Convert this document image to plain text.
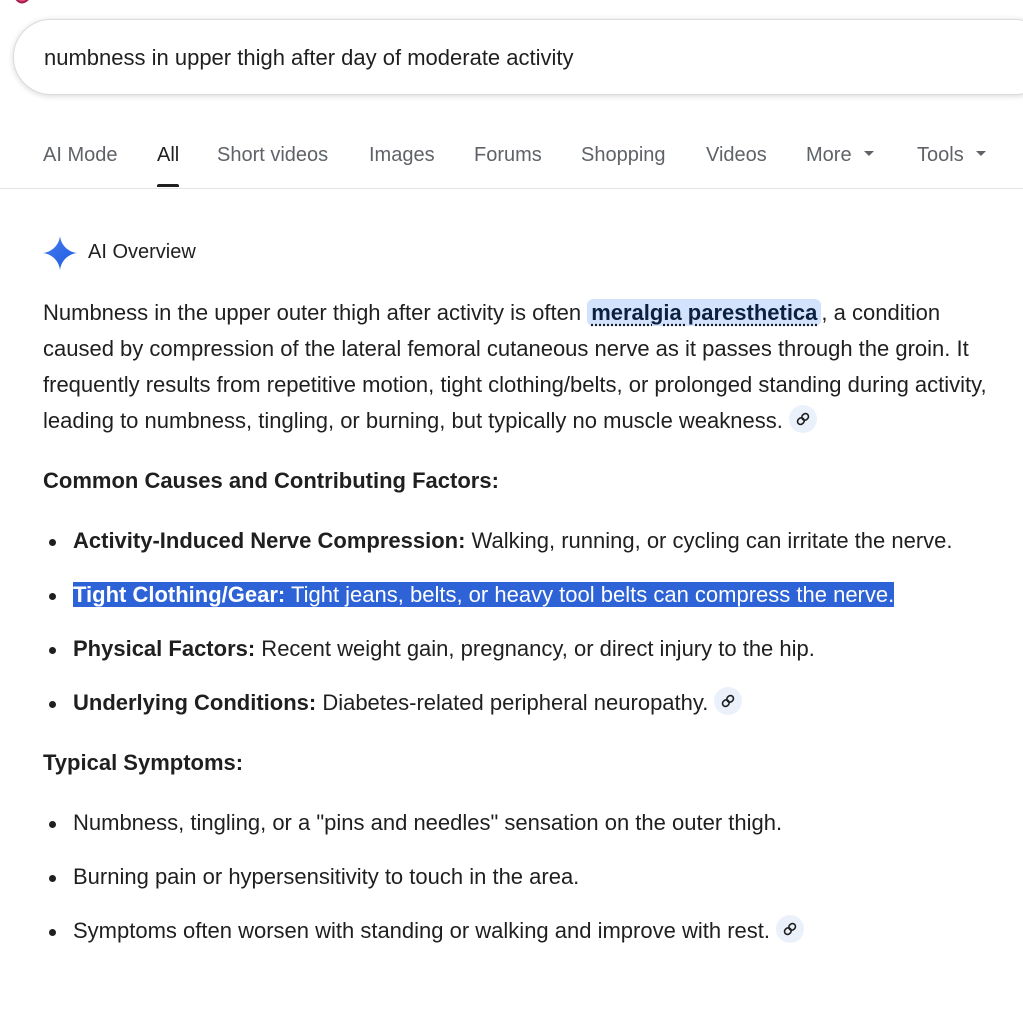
numbness in upper thigh after day of moderate activity
AI Mode All Short videos Images Forums Shopping Videos More	Tools
AI Overview

Numbness in the upper outer thigh after activity is often meralgia paresthetica , a condition caused by compression of the lateral femoral cutaneous nerve as it passes through the groin. It frequently results from repetitive motion, tight clothing/belts, or prolonged standing during activity, leading to numbness, tingling, or burning, but typically no muscle weakness.

Common Causes and Contributing Factors:

Activity-Induced Nerve Compression: Walking, running, or cycling can irritate the nerve.
Tight Clothing/Gear: Tight jeans, belts, or heavy tool belts can compress the nerve.
Physical Factors: Recent weight gain, pregnancy, or direct injury to the hip.
Underlying Conditions: Diabetes-related peripheral neuropathy.

Typical Symptoms:

Numbness, tingling, or a "pins and needles" sensation on the outer thigh.
Burning pain or hypersensitivity to touch in the area.
Symptoms often worsen with standing or walking and improve with rest.
